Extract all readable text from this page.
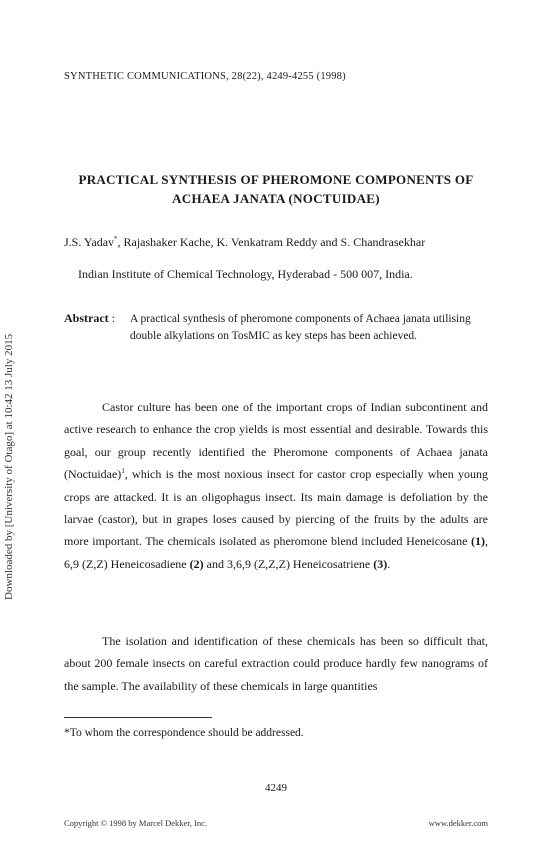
SYNTHETIC COMMUNICATIONS, 28(22), 4249-4255 (1998)
PRACTICAL SYNTHESIS OF PHEROMONE COMPONENTS OF
ACHAEA JANATA (NOCTUIDAE)
J.S. Yadav*, Rajashaker Kache, K. Venkatram Reddy and S. Chandrasekhar
Indian Institute of Chemical Technology, Hyderabad - 500 007, India.
Abstract : A practical synthesis of pheromone components of Achaea janata utilising double alkylations on TosMIC as key steps has been achieved.
Castor culture has been one of the important crops of Indian subcontinent and active research to enhance the crop yields is most essential and desirable. Towards this goal, our group recently identified the Pheromone components of Achaea janata (Noctuidae)$^1$, which is the most noxious insect for castor crop especially when young crops are attacked. It is an oligophagus insect. Its main damage is defoliation by the larvae (castor), but in grapes loses caused by piercing of the fruits by the adults are more important. The chemicals isolated as pheromone blend included Heneicosane (1), 6,9 (Z,Z) Heneicosadiene (2) and 3,6,9 (Z,Z,Z) Heneicosatriene (3).
The isolation and identification of these chemicals has been so difficult that, about 200 female insects on careful extraction could produce hardly few nanograms of the sample. The availability of these chemicals in large quantities
*To whom the correspondence should be addressed.
4249
Copyright © 1998 by Marcel Dekker, Inc.	www.dekker.com
Downloaded by [University of Otago] at 10:42 13 July 2015
